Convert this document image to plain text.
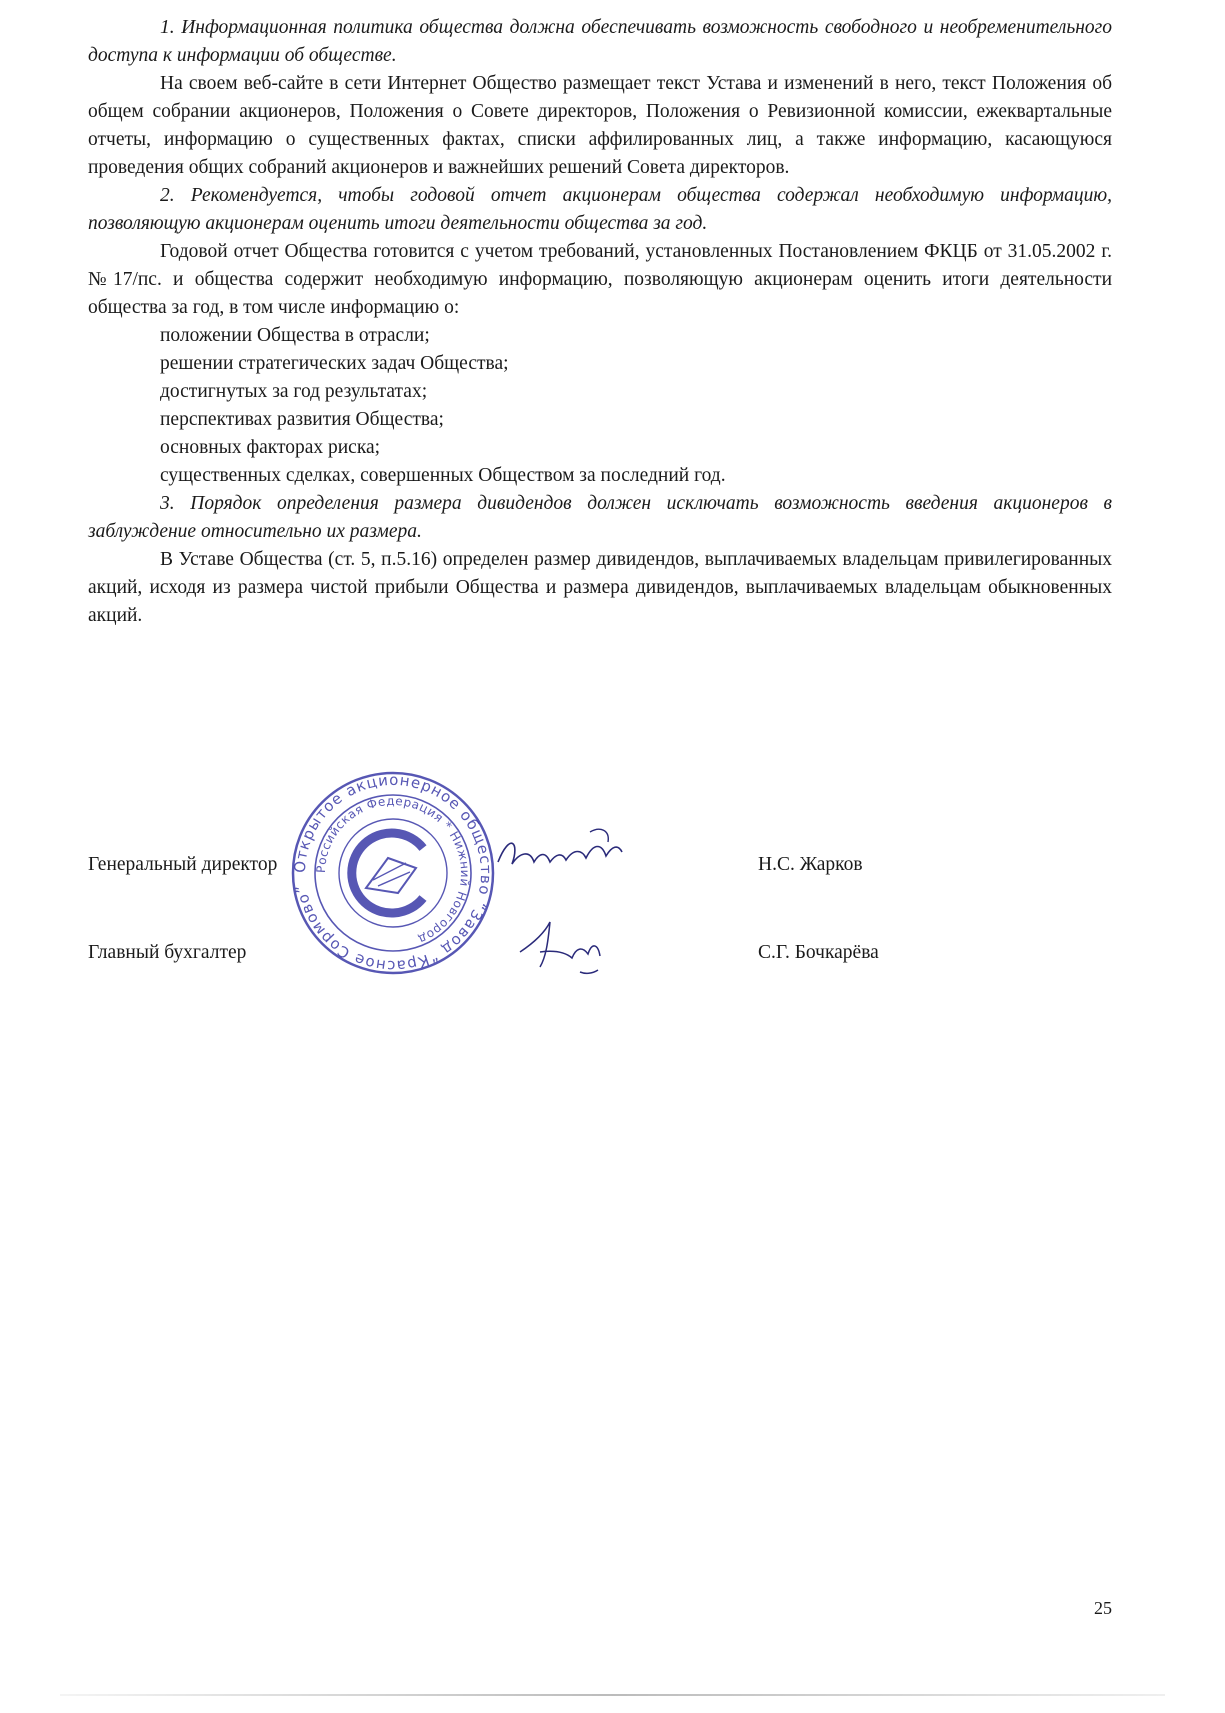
1. Информационная политика общества должна обеспечивать возможность свободного и необременительного доступа к информации об обществе.

На своем веб-сайте в сети Интернет Общество размещает текст Устава и изменений в него, текст Положения об общем собрании акционеров, Положения о Совете директоров, Положения о Ревизионной комиссии, ежеквартальные отчеты, информацию о существенных фактах, списки аффилированных лиц, а также информацию, касающуюся проведения общих собраний акционеров и важнейших решений Совета директоров.

2. Рекомендуется, чтобы годовой отчет акционерам общества содержал необходимую информацию, позволяющую акционерам оценить итоги деятельности общества за год.

Годовой отчет Общества готовится с учетом требований, установленных Постановлением ФКЦБ от 31.05.2002 г. №17/пс. и общества содержит необходимую информацию, позволяющую акционерам оценить итоги деятельности общества за год, в том числе информацию о:

положении Общества в отрасли;

решении стратегических задач Общества;

достигнутых за год результатах;

перспективах развития Общества;

основных факторах риска;

существенных сделках, совершенных Обществом за последний год.

3. Порядок определения размера дивидендов должен исключать возможность введения акционеров в заблуждение относительно их размера.

В Уставе Общества (ст. 5, п.5.16) определен размер дивидендов, выплачиваемых владельцам привилегированных акций, исходя из размера чистой прибыли Общества и размера дивидендов, выплачиваемых владельцам обыкновенных акций.

Открытое акционерное общество “Завод “Красное Сормово”
Российская Федерация * Нижний Новгород
Генеральный директор	Н.С. Жарков
Главный бухгалтер	С.Г. Бочкарёва
25
